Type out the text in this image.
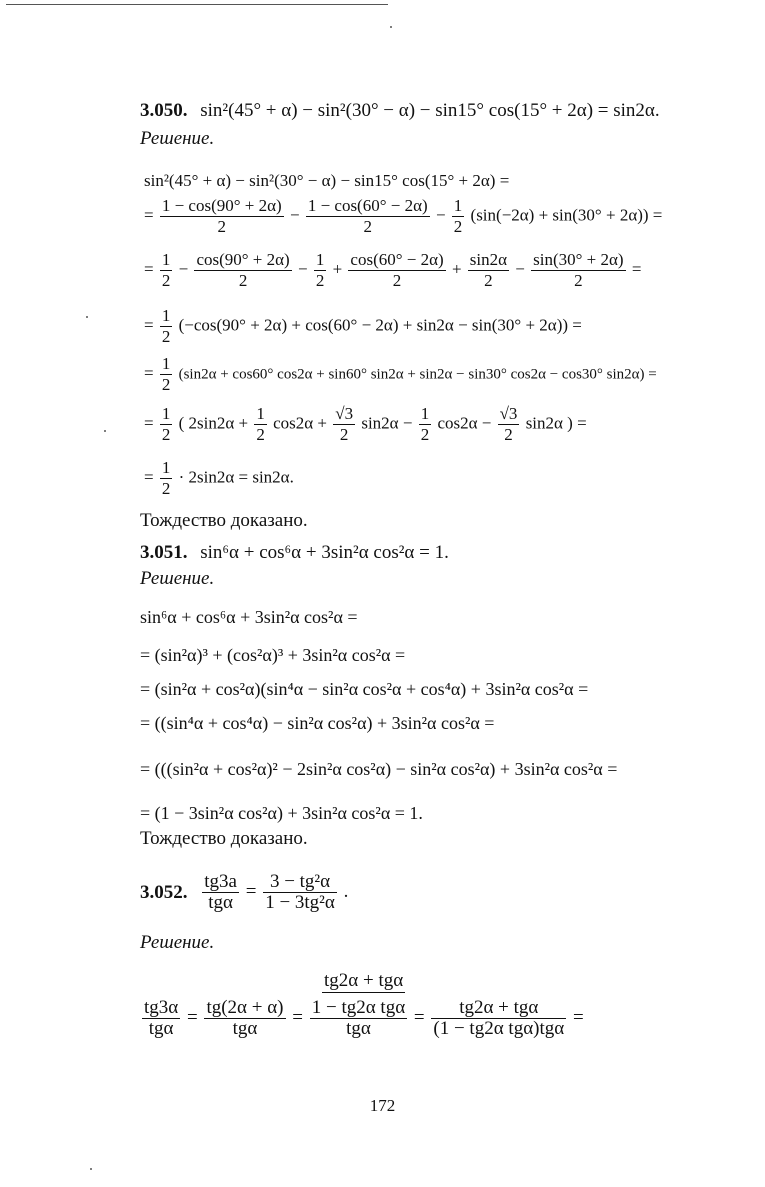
3.050. sin²(45° + α) − sin²(30° − α) − sin15° cos(15° + 2α) = sin2α.
Решение.
sin²(45° + α) − sin²(30° − α) − sin15° cos(15° + 2α) =
= $\frac{1 - \cos(90^\circ + 2\alpha)}{2} - \frac{1 - \cos(60^\circ - 2\alpha)}{2} - \frac{1}{2} (\sin(-2\alpha) + \sin(30^\circ + 2\alpha))$ =
= $\frac{1}{2} - \frac{\cos(90^\circ + 2\alpha)}{2} - \frac{1}{2} + \frac{\cos(60^\circ - 2\alpha)}{2} + \frac{\sin 2\alpha}{2} - \frac{\sin(30^\circ + 2\alpha)}{2}$ =
= $\frac{1}{2} (-\cos(90^\circ + 2\alpha) + \cos(60^\circ - 2\alpha) + \sin 2\alpha - \sin(30^\circ + 2\alpha))$ =
= $\frac{1}{2} (\sin 2\alpha + \cos 60^\circ$ cos2α + sin60° sin2α + sin2α − sin30° cos2α − cos30° sin2α) =
= $\frac{1}{2}$ ( $2\sin 2\alpha + \frac{1}{2} \cos 2\alpha + \frac{√3}{2} \sin 2\alpha - \frac{1}{2} \cos 2\alpha - \frac{√3}{2} \sin 2\alpha$ ) =
= $\frac{1}{2} \cdot 2\sin 2\alpha = \sin 2\alpha$.
Тождество доказано.
3.051. sin⁶α + cos⁶α + 3sin²α cos²α = 1.
Решение.
sin⁶α + cos⁶α + 3sin²α cos²α =
= (sin²α)³ + (cos²α)³ + 3sin²α cos²α =
= (sin²α + cos²α)(sin⁴α − sin²α cos²α + cos⁴α) + 3sin²α cos²α =
= ((sin⁴α + cos⁴α) − sin²α cos²α) + 3sin²α cos²α =
= (((sin²α + cos²α)² − 2sin²α cos²α) − sin²α cos²α) + 3sin²α cos²α =
= (1 − 3sin²α cos²α) + 3sin²α cos²α = 1.
Тождество доказано.
3.052. $\frac{tg3a}{\text{tgα}} = \frac{\text{3 − tg²α}}{\text{1 − 3tg²α}}$ .
Решение.
tg2α + tgα
$\frac{tg3\alpha}{\text{tgα}} = \frac{tg(2\alpha + \alpha)}{\text{tgα}} = \frac{\text{1 − tg2α tgα}}{\text{tgα}} = \frac{\text{tg2α + tgα}}{\text{(1 − tg2α tgα)tgα}}$ =
172
